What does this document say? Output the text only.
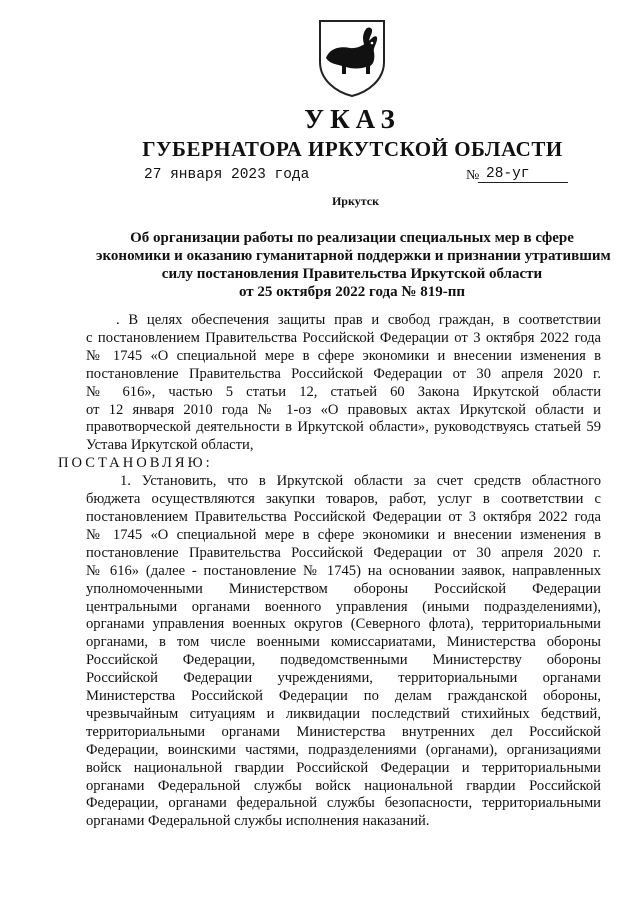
УКАЗ
ГУБЕРНАТОРА ИРКУТСКОЙ ОБЛАСТИ
27 января 2023 года	№ 28-уг
Иркутск
Об организации работы по реализации специальных мер в сфере
экономики и оказанию гуманитарной поддержки и признании утратившим
силу постановления Правительства Иркутской области
от 25 октября 2022 года № 819-пп
. В целях обеспечения защиты прав и свобод граждан, в соответствии
с постановлением Правительства Российской Федерации от 3 октября 2022 года
№ 1745 «О специальной мере в сфере экономики и внесении изменения в
постановление Правительства Российской Федерации от 30 апреля 2020 г.
№ 616», частью 5 статьи 12, статьей 60 Закона Иркутской области
от 12 января 2010 года № 1-оз «О правовых актах Иркутской области и
правотворческой деятельности в Иркутской области», руководствуясь статьей 59
Устава Иркутской области,
ПОСТАНОВЛЯЮ:
1. Установить, что в Иркутской области за счет средств областного
бюджета осуществляются закупки товаров, работ, услуг в соответствии с
постановлением Правительства Российской Федерации от 3 октября 2022 года
№ 1745 «О специальной мере в сфере экономики и внесении изменения в
постановление Правительства Российской Федерации от 30 апреля 2020 г.
№ 616» (далее - постановление № 1745) на основании заявок, направленных
уполномоченными Министерством обороны Российской Федерации
центральными органами военного управления (иными подразделениями),
органами управления военных округов (Северного флота), территориальными
органами, в том числе военными комиссариатами, Министерства обороны
Российской Федерации, подведомственными Министерству обороны
Российской Федерации учреждениями, территориальными органами
Министерства Российской Федерации по делам гражданской обороны,
чрезвычайным ситуациям и ликвидации последствий стихийных бедствий,
территориальными органами Министерства внутренних дел Российской
Федерации, воинскими частями, подразделениями (органами), организациями
войск национальной гвардии Российской Федерации и территориальными
органами Федеральной службы войск национальной гвардии Российской
Федерации, органами федеральной службы безопасности, территориальными
органами Федеральной службы исполнения наказаний.
